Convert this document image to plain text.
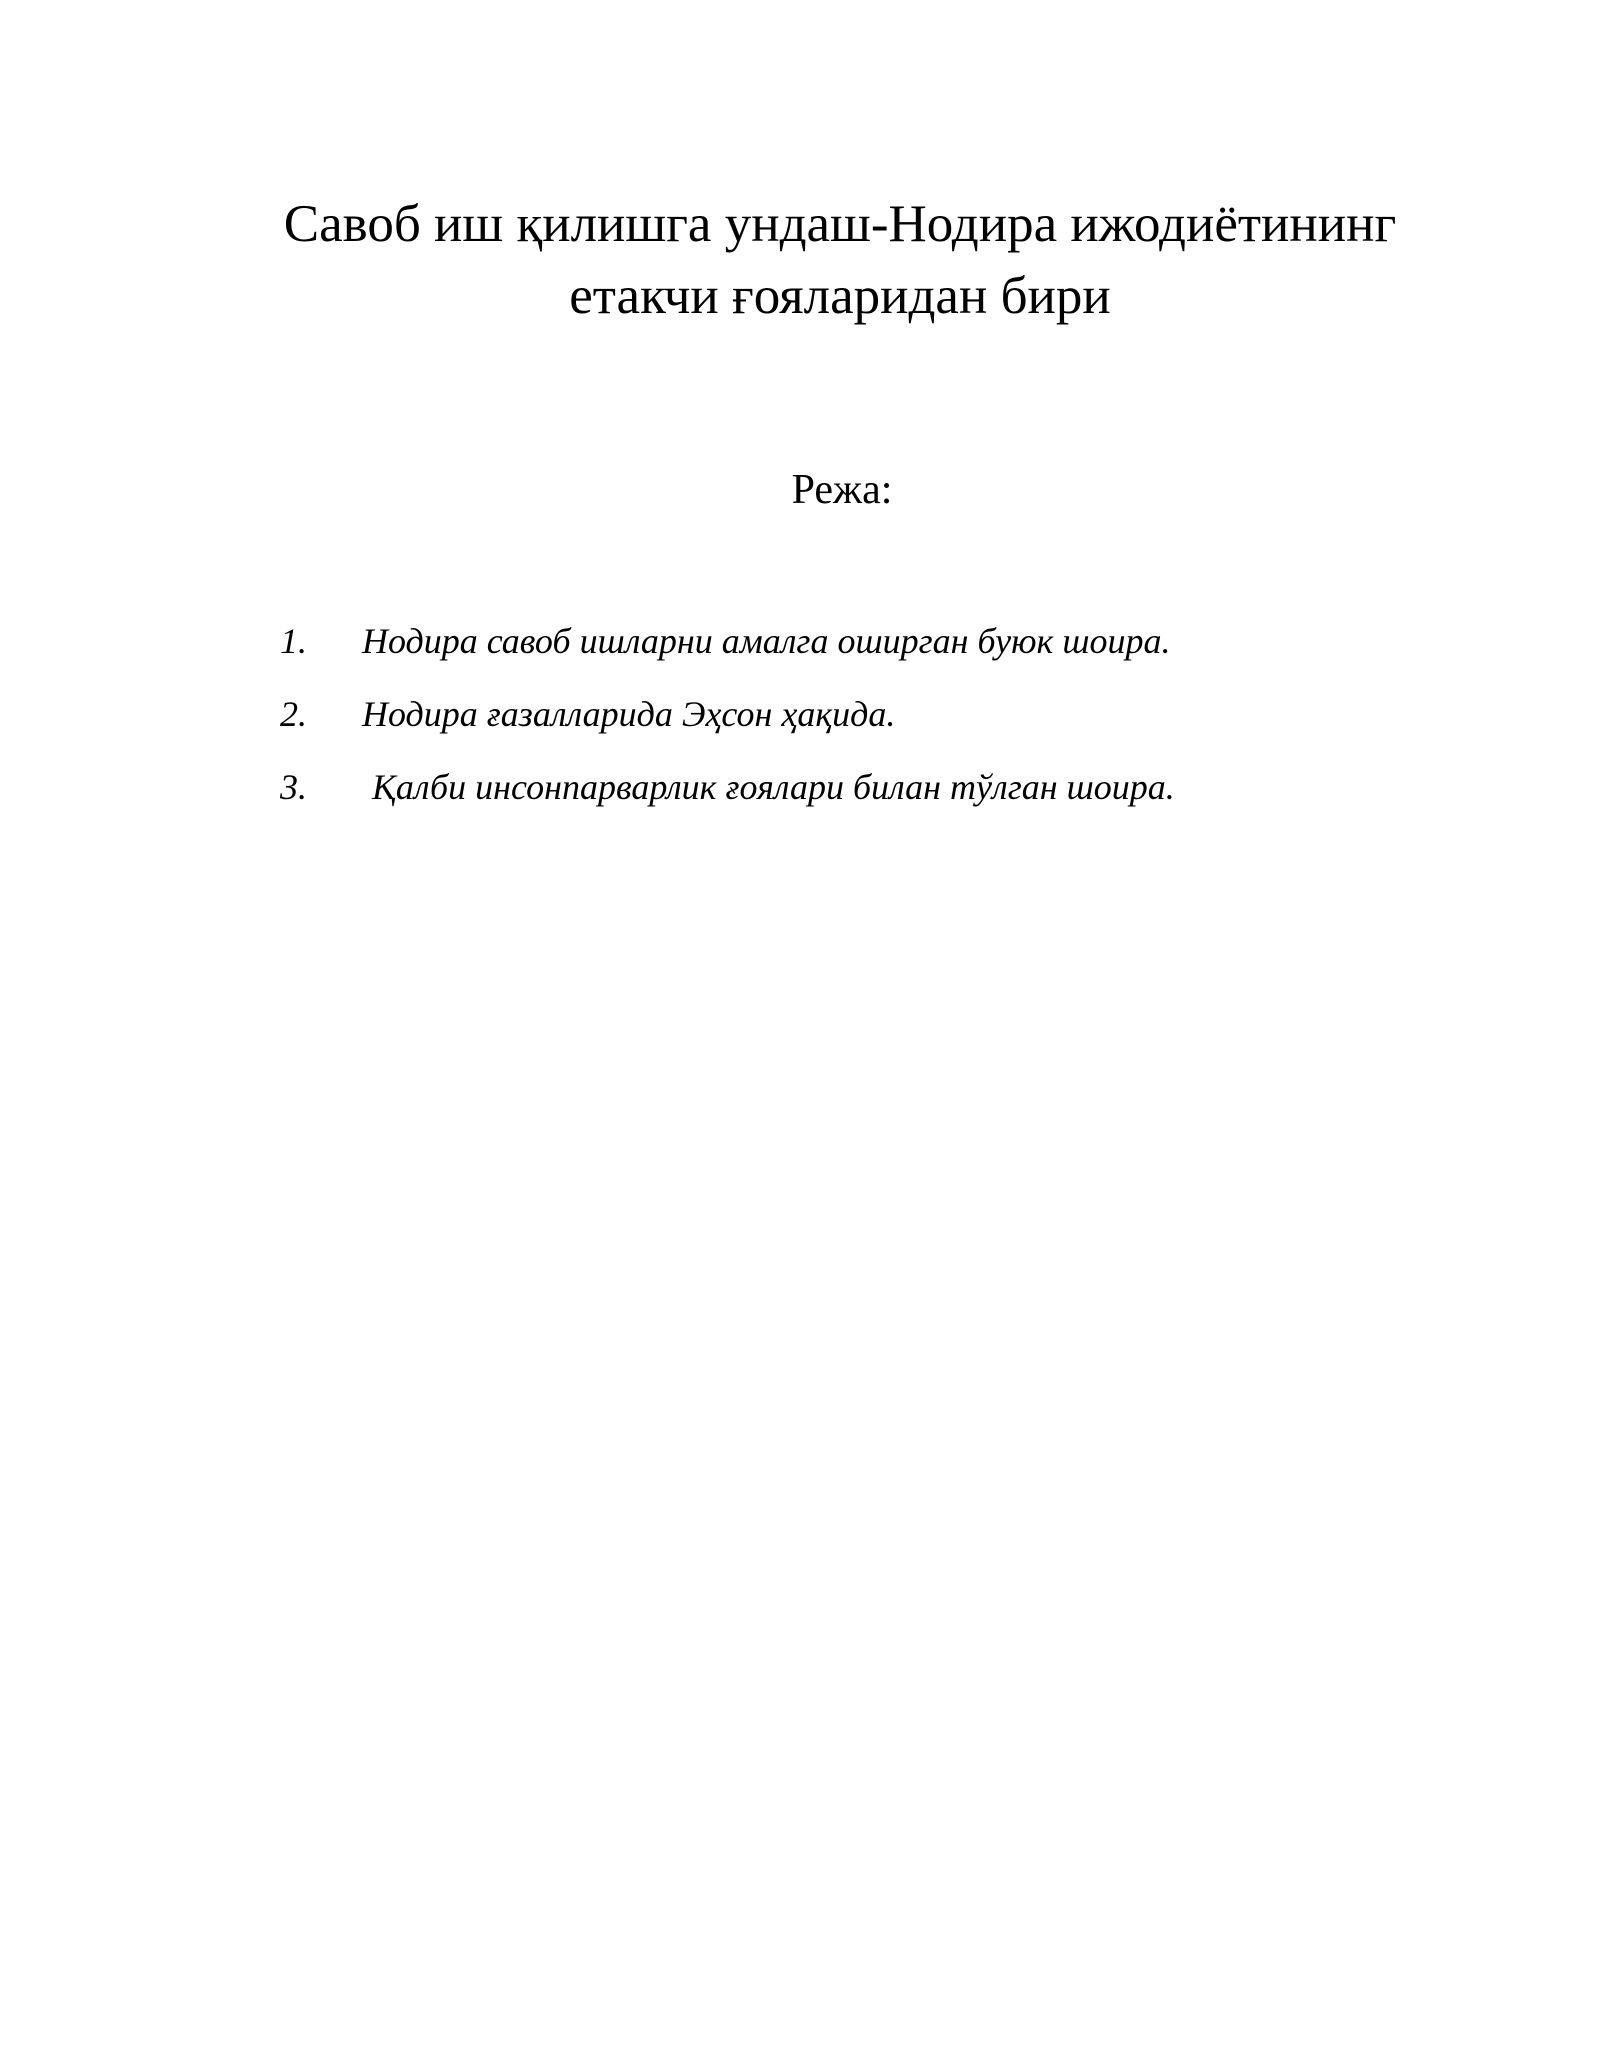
Савоб иш қилишга ундаш-Нодира ижодиётининг
етакчи ғояларидан бири
Режа:
1. Нодира савоб ишларни амалга оширган буюк шоира.
2. Нодира ғазалларида Эҳсон ҳақида.
3. Қалби инсонпарварлик ғоялари билан тўлган шоира.
